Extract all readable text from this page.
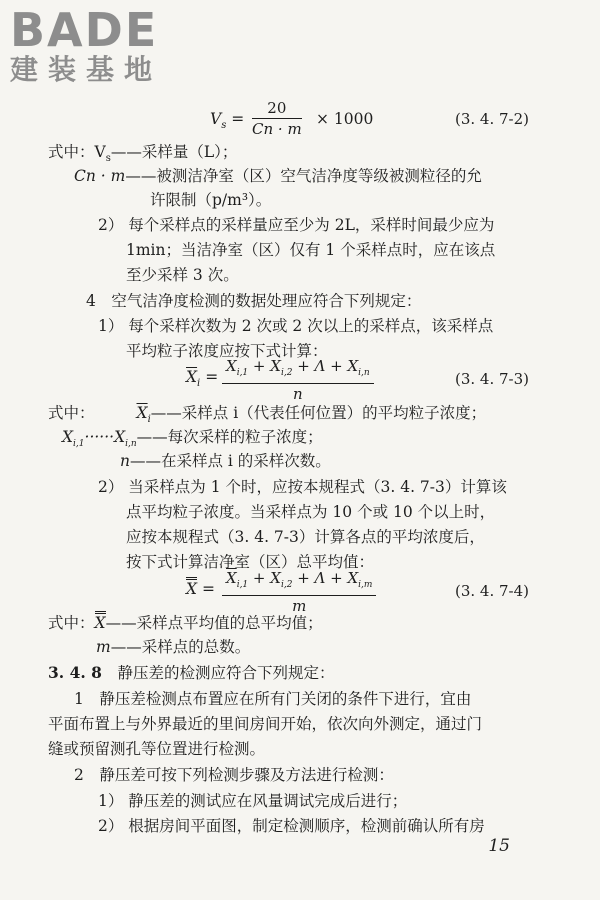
BADE
建装基地
$V_s = \frac{20}{Cn \cdot m} \times 1000$	(3. 4. 7-2)
式中：$V_s——$采样量（L）；
Cn · m——被测洁净室（区）空气洁净度等级被测粒径的允
许限制（p/m³）。
2） 每个采样点的采样量应至少为 2L，采样时间最少应为
1min；当洁净室（区）仅有 1 个采样点时，应在该点
至少采样 3 次。
4　空气洁净度检测的数据处理应符合下列规定：
1） 每个采样次数为 2 次或 2 次以上的采样点，该采样点
平均粒子浓度应按下式计算：
$\overline{X}_i = \frac{X_{i,1} + X_{i,2} + \Lambda + X_{i,n}}{n}$	(3. 4. 7-3)
式中：	$\overline{X}_i——$采样点 i（代表任何位置）的平均粒子浓度；
$X_{i,1}\cdot\cdot\cdot\cdot\cdot\cdot X_{i,n}——$每次采样的粒子浓度；
n——在采样点 i 的采样次数。
2） 当采样点为 1 个时，应按本规程式（3. 4. 7-3）计算该
点平均粒子浓度。当采样点为 10 个或 10 个以上时，
应按本规程式（3. 4. 7-3）计算各点的平均浓度后，
按下式计算洁净室（区）总平均值：
$X = \frac{\overline{X}_{i,1} + X_{i,2} + \Lambda + X_{i,m}}{m}$	(3. 4. 7-4)
式中：X——采样点平均值的总平均值；
m——采样点的总数。
3. 4. 8　静压差的检测应符合下列规定：
1　静压差检测点布置应在所有门关闭的条件下进行，宜由
平面布置上与外界最近的里间房间开始，依次向外测定，通过门
缝或预留测孔等位置进行检测。
2　静压差可按下列检测步骤及方法进行检测：
1） 静压差的测试应在风量调试完成后进行；
2） 根据房间平面图，制定检测顺序，检测前确认所有房
15
